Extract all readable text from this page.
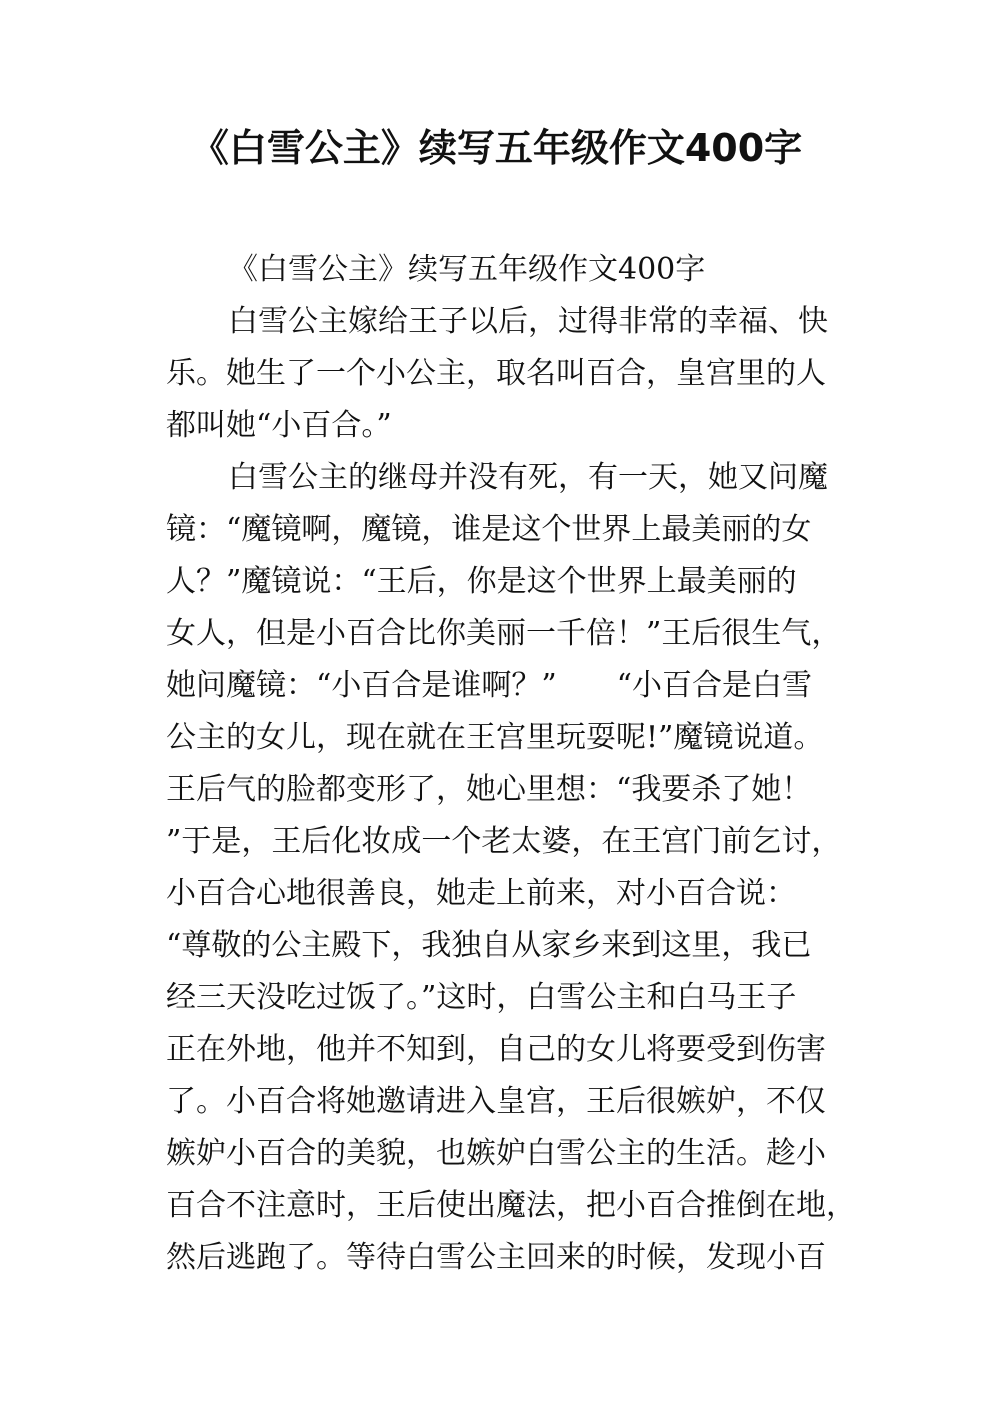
《白雪公主》续写五年级作文400字
《白雪公主》续写五年级作文400字
白雪公主嫁给王子以后，过得非常的幸福、快
乐。她生了一个小公主，取名叫百合，皇宫里的人
都叫她“小百合。”
白雪公主的继母并没有死，有一天，她又问魔
镜：“魔镜啊，魔镜，谁是这个世界上最美丽的女
人？”魔镜说：“王后，你是这个世界上最美丽的
女人，但是小百合比你美丽一千倍！”王后很生气，
她问魔镜：“小百合是谁啊？”　　“小百合是白雪
公主的女儿，现在就在王宫里玩耍呢!”魔镜说道。
王后气的脸都变形了，她心里想：“我要杀了她！
”于是，王后化妆成一个老太婆，在王宫门前乞讨，
小百合心地很善良，她走上前来，对小百合说：
“尊敬的公主殿下，我独自从家乡来到这里，我已
经三天没吃过饭了。”这时，白雪公主和白马王子
正在外地，他并不知到，自己的女儿将要受到伤害
了。小百合将她邀请进入皇宫，王后很嫉妒，不仅
嫉妒小百合的美貌，也嫉妒白雪公主的生活。趁小
百合不注意时，王后使出魔法，把小百合推倒在地，
然后逃跑了。等待白雪公主回来的时候，发现小百
